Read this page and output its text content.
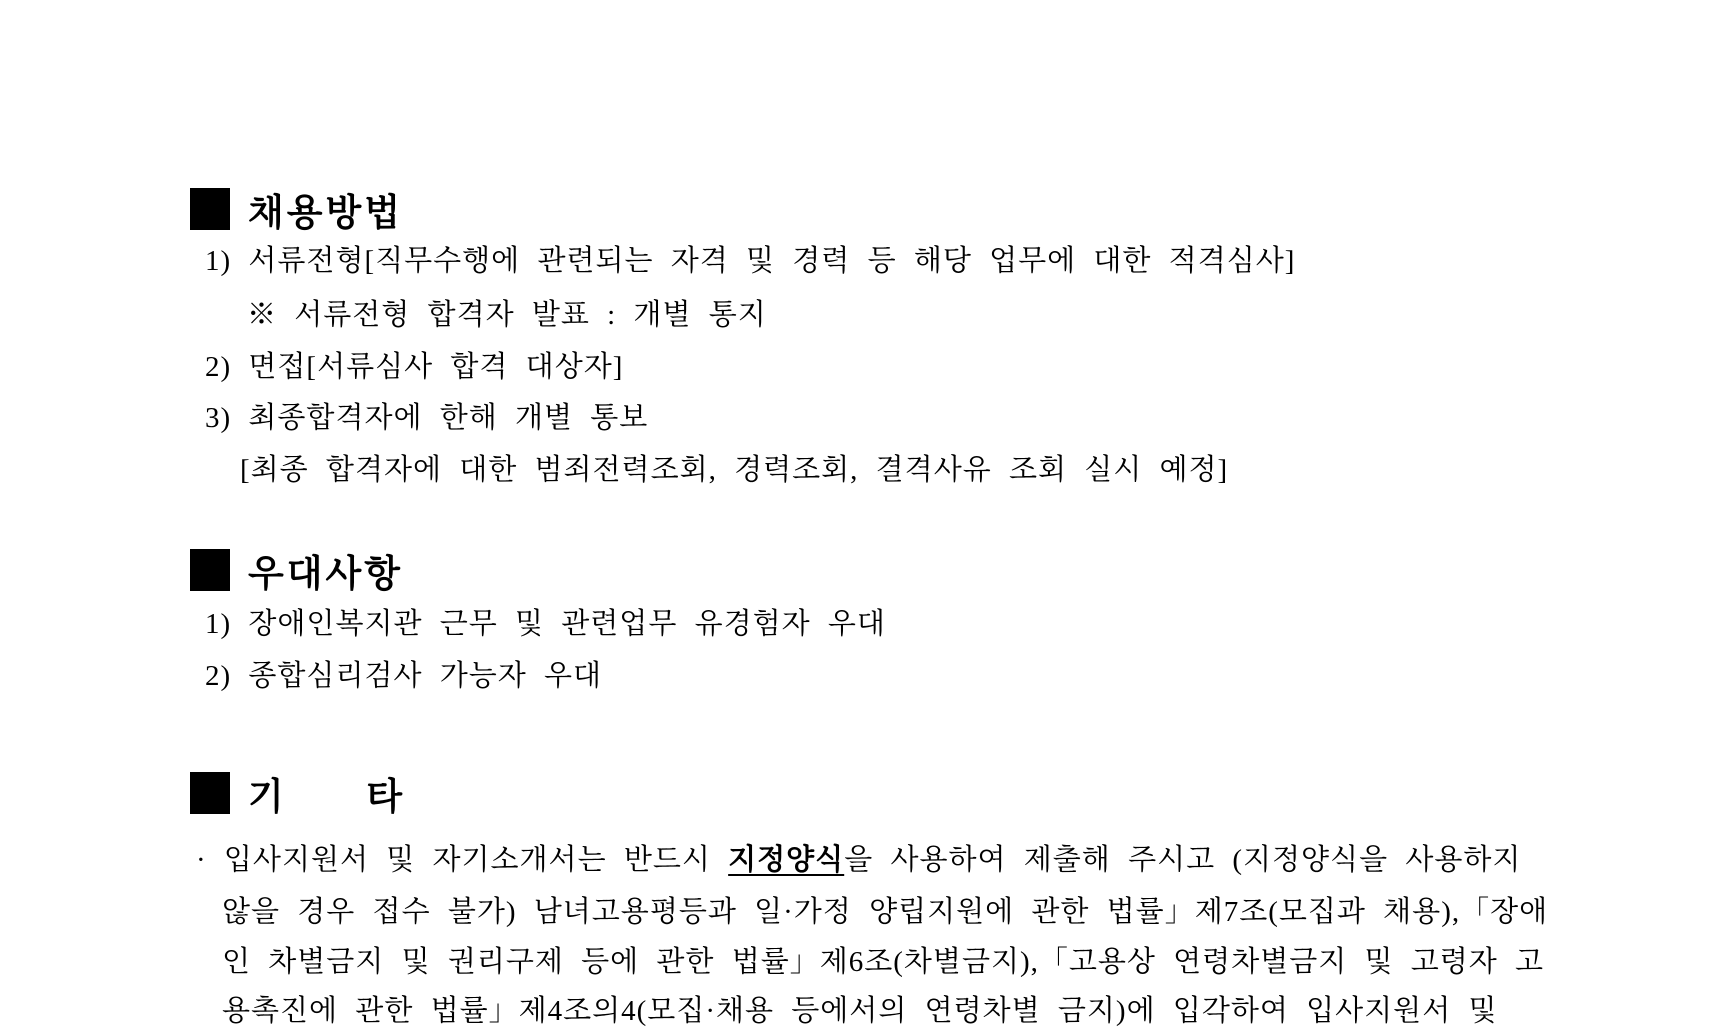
채용방법
1) 서류전형[직무수행에 관련되는 자격 및 경력 등 해당 업무에 대한 적격심사]
※ 서류전형 합격자 발표 : 개별 통지
2) 면접[서류심사 합격 대상자]
3) 최종합격자에 한해 개별 통보
[최종 합격자에 대한 범죄전력조회, 경력조회, 결격사유 조회 실시 예정]
우대사항
1) 장애인복지관 근무 및 관련업무 유경험자 우대
2) 종합심리검사 가능자 우대
기      타
· 입사지원서 및 자기소개서는 반드시 지정양식을 사용하여 제출해 주시고 (지정양식을 사용하지
않을 경우 접수 불가) 남녀고용평등과 일·가정 양립지원에 관한 법률」제7조(모집과 채용),「장애
인 차별금지 및 권리구제 등에 관한 법률」제6조(차별금지),「고용상 연령차별금지 및 고령자 고
용촉진에 관한 법률」제4조의4(모집·채용 등에서의 연령차별 금지)에 입각하여 입사지원서 및
